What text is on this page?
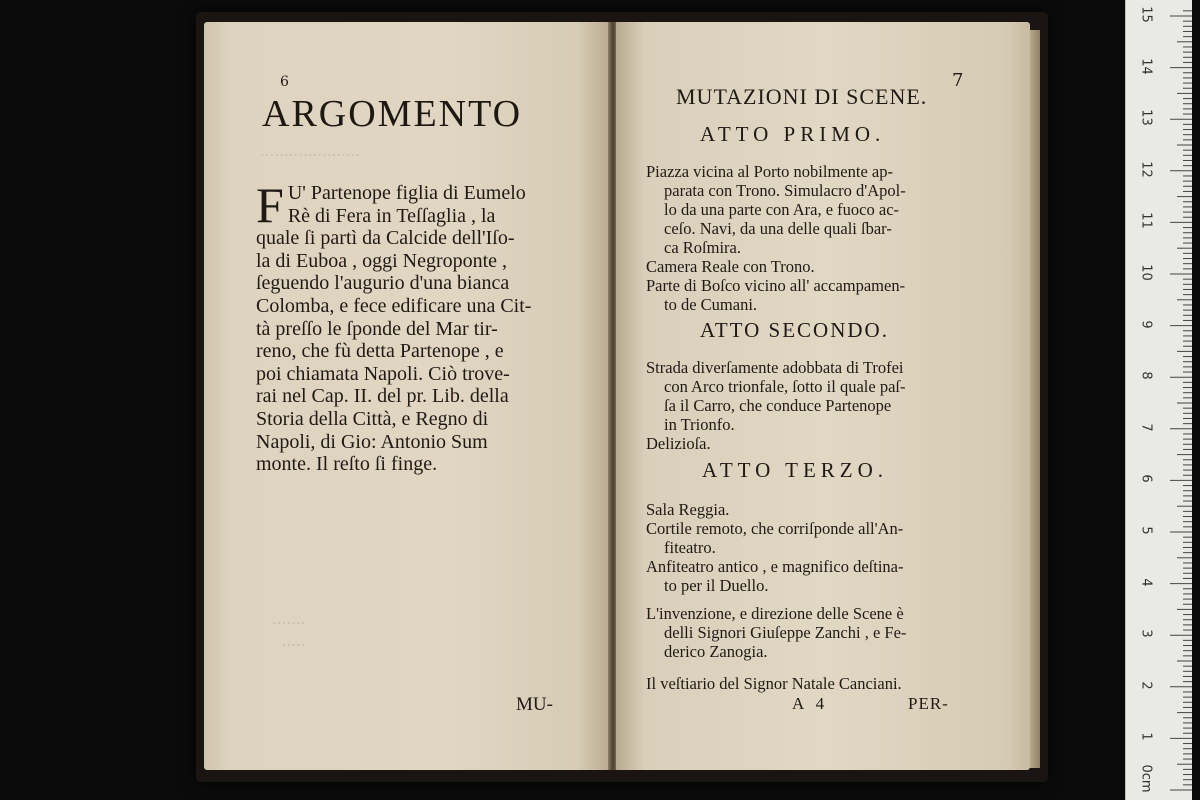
·····················
6
ARGOMENTO
F U' Partenope figlia di Eumelo
Rè di Fera in Teſſaglia , la
quale ſi partì da Calcide dell'Iſo-
la di Euboa , oggi Negroponte ,
ſeguendo l'augurio d'una bianca
Colomba, e fece edificare una Cit-
tà preſſo le ſponde del Mar tir-
reno, che fù detta Partenope , e
poi chiamata Napoli. Ciò trove-
rai nel Cap. II. del pr. Lib. della
Storia della Città, e Regno di
Napoli, di Gio: Antonio Sum
monte. Il reſto ſi finge.
·······
·····
MU-
7
MUTAZIONI DI SCENE.
ATTO PRIMO.
Piazza vicina al Porto nobilmente ap-
parata con Trono. Simulacro d'Apol-
lo da una parte con Ara, e fuoco ac-
ceſo. Navi, da una delle quali ſbar-
ca Roſmira.
Camera Reale con Trono.
Parte di Boſco vicino all' accampamen-
to de Cumani.
ATTO SECONDO.
Strada diverſamente adobbata di Trofei
con Arco trionfale, ſotto il quale paſ-
ſa il Carro, che conduce Partenope
in Trionfo.
Delizioſa.
ATTO TERZO.
Sala Reggia.
Cortile remoto, che corriſponde all'An-
fiteatro.
Anfiteatro antico , e magnifico deſtina-
to per il Duello.
L'invenzione, e direzione delle Scene è
delli Signori Giuſeppe Zanchi , e Fe-
derico Zanogia.
Il veſtiario del Signor Natale Canciani.
A 4	PER-
0cm
1
2
3
4
5
6
7
8
9
10
11
12
13
14
15
